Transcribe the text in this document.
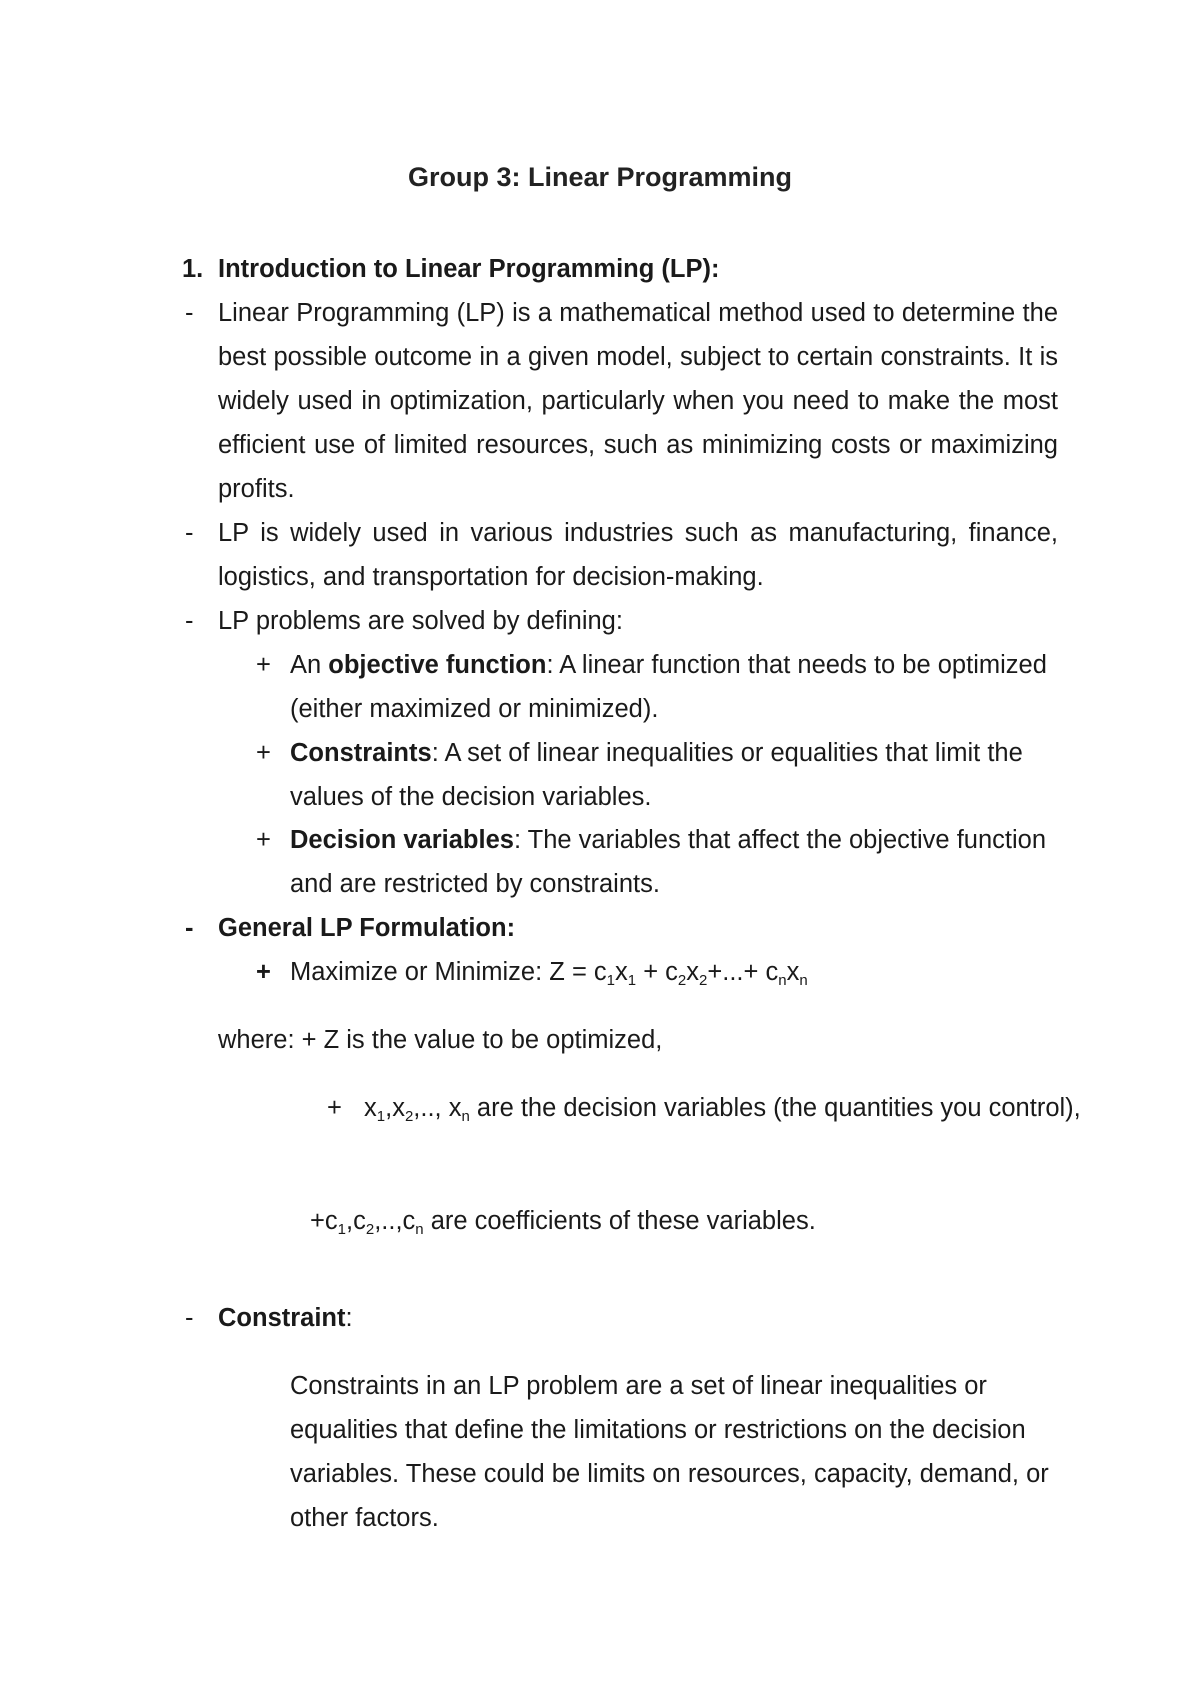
Group 3: Linear Programming
1. Introduction to Linear Programming (LP):
- Linear Programming (LP) is a mathematical method used to determine the best possible outcome in a given model, subject to certain constraints. It is widely used in optimization, particularly when you need to make the most efficient use of limited resources, such as minimizing costs or maximizing profits.
- LP is widely used in various industries such as manufacturing, finance, logistics, and transportation for decision-making.
- LP problems are solved by defining:
+ An objective function: A linear function that needs to be optimized (either maximized or minimized).
+ Constraints: A set of linear inequalities or equalities that limit the values of the decision variables.
+ Decision variables: The variables that affect the objective function and are restricted by constraints.
- General LP Formulation:
+ Maximize or Minimize: $Z = c_1x_1 + c_2x_2+...+ c_nx_n$
where: + Z is the value to be optimized,
+ $x_1,x_2$,.., $x_n$ are the decision variables (the quantities you control),
$+c_1,c_2,..,c_n$ are coefficients of these variables.
- Constraint:
Constraints in an LP problem are a set of linear inequalities or equalities that define the limitations or restrictions on the decision variables. These could be limits on resources, capacity, demand, or other factors.
